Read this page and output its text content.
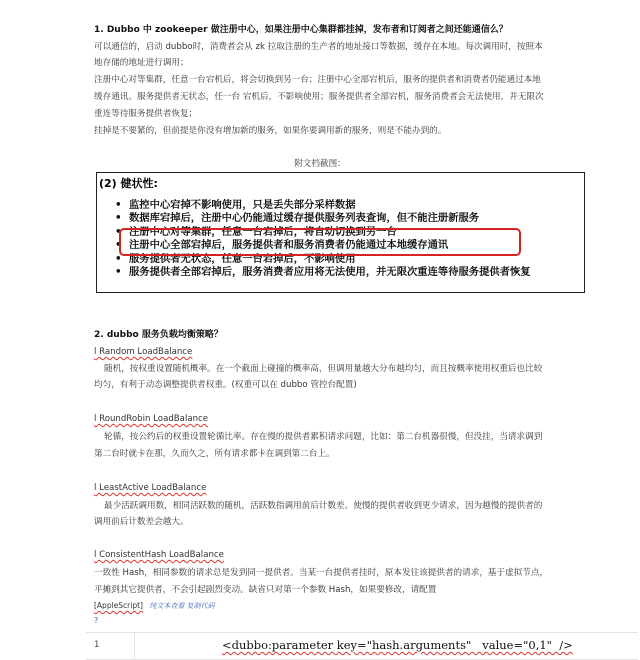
1. Dubbo 中 zookeeper 做注册中心，如果注册中心集群都挂掉，发布者和订阅者之间还能通信么？
可以通信的，启动 dubbo时，消费者会从 zk 拉取注册的生产者的地址接口等数据，缓存在本地。每次调用时，按照本
地存储的地址进行调用；
注册中心对等集群，任意一台宕机后，将会切换到另一台；注册中心全部宕机后，服务的提供者和消费者仍能通过本地
缓存通讯。服务提供者无状态，任一台 宕机后，不影响使用；服务提供者全部宕机，服务消费者会无法使用，并无限次
重连等待服务提供者恢复；
挂掉是不要紧的，但前提是你没有增加新的服务，如果你要调用新的服务，则是不能办到的。
附文档截图：
(2) 健状性:
• 监控中心宕掉不影响使用，只是丢失部分采样数据
• 数据库宕掉后，注册中心仍能通过缓存提供服务列表查询，但不能注册新服务
• 注册中心对等集群，任意一台宕掉后，将自动切换到另一台
• 注册中心全部宕掉后，服务提供者和服务消费者仍能通过本地缓存通讯
• 服务提供者无状态，任意一台宕掉后，不影响使用
• 服务提供者全部宕掉后，服务消费者应用将无法使用，并无限次重连等待服务提供者恢复
2. dubbo 服务负载均衡策略？
l Random LoadBalance
随机，按权重设置随机概率。在一个截面上碰撞的概率高，但调用量越大分布越均匀，而且按概率使用权重后也比较
均匀，有利于动态调整提供者权重。(权重可以在 dubbo 管控台配置)
l RoundRobin LoadBalance
轮循，按公约后的权重设置轮循比率。存在慢的提供者累积请求问题，比如：第二台机器很慢，但没挂，当请求调到
第二台时就卡在那，久而久之，所有请求都卡在调到第二台上。
l LeastActive LoadBalance
最少活跃调用数，相同活跃数的随机，活跃数指调用前后计数差。使慢的提供者收到更少请求，因为越慢的提供者的
调用前后计数差会越大。
l ConsistentHash LoadBalance
一致性 Hash，相同参数的请求总是发到同一提供者。当某一台提供者挂时，原本发往该提供者的请求，基于虚拟节点，
平摊到其它提供者，不会引起剧烈变动。缺省只对第一个参数 Hash，如果要修改，请配置
[AppleScript] 纯文本查看 复制代码
?
1	<dubbo:parameter key="hash.arguments"   value="0,1"  />
